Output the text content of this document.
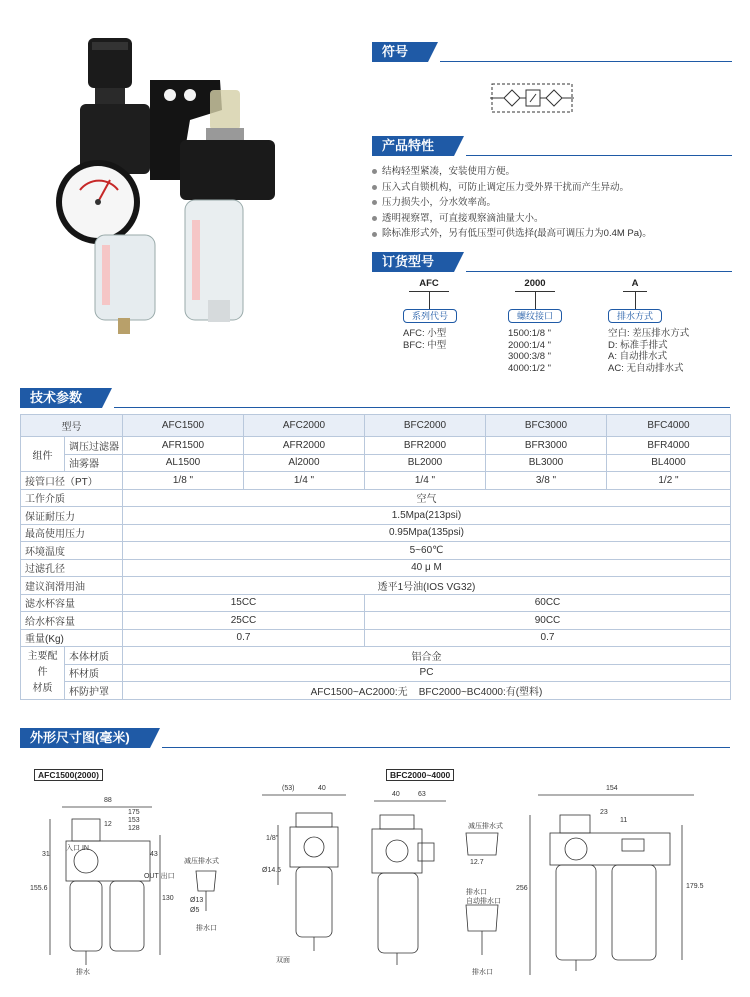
符号
产品特性
结构轻型紧凑，安装使用方便。
压入式自锁机构，可防止调定压力受外界干扰而产生异动。
压力损失小，分水效率高。
透明视察罩，可直接观察滴油量大小。
除标准形式外，另有低压型可供选择(最高可调压力为0.4M Pa)。
订货型号
AFC	2000	A
系列代号	螺纹接口	排水方式
AFC: 小型
BFC: 中型
1500:1/8 "
2000:1/4 "
3000:3/8 "
4000:1/2 "
空白: 差压排水方式
D: 标准手排式
A: 自动排水式
AC: 无自动排水式
技术参数
型号		AFC1500	AFC2000	BFC2000	BFC3000	BFC4000
组件	调压过滤器	AFR1500	AFR2000	BFR2000	BFR3000	BFR4000
	油雾器	AL1500	Al2000	BL2000	BL3000	BL4000
接管口径（PT）		1/8 "	1/4 "	1/4 "	3/8 "	1/2 "
工作介质		空气				
保证耐压力		1.5Mpa(213psi)				
最高使用压力		0.95Mpa(135psi)				
环境温度		5~60℃				
过滤孔径		40 μ M				
建议润滑用油		透平1号油(IOS VG32)				
滤水杯容量		15CC		60CC		
给水杯容量		25CC		90CC		
重量(Kg)		0.7		0.7		
主要配件
材质	本体材质	铝合金				
	杯材质	PC				
	杯防护罩	AFC1500~AC2000:无    BFC2000~BC4000:有(塑料)				
外形尺寸图(毫米)
AFC1500(2000)	BFC2000~4000
88
175
153
128
12
31	43
155.6
130 Ø13
Ø5
减压排水式
排水口
排水
入口 IN
OUT 出口
(53)	40
40	63
1/8"
Ø14.5
双面
减压排水式
排水口
自动排水口
排水口
154
23
11
179.5
256
12.7
